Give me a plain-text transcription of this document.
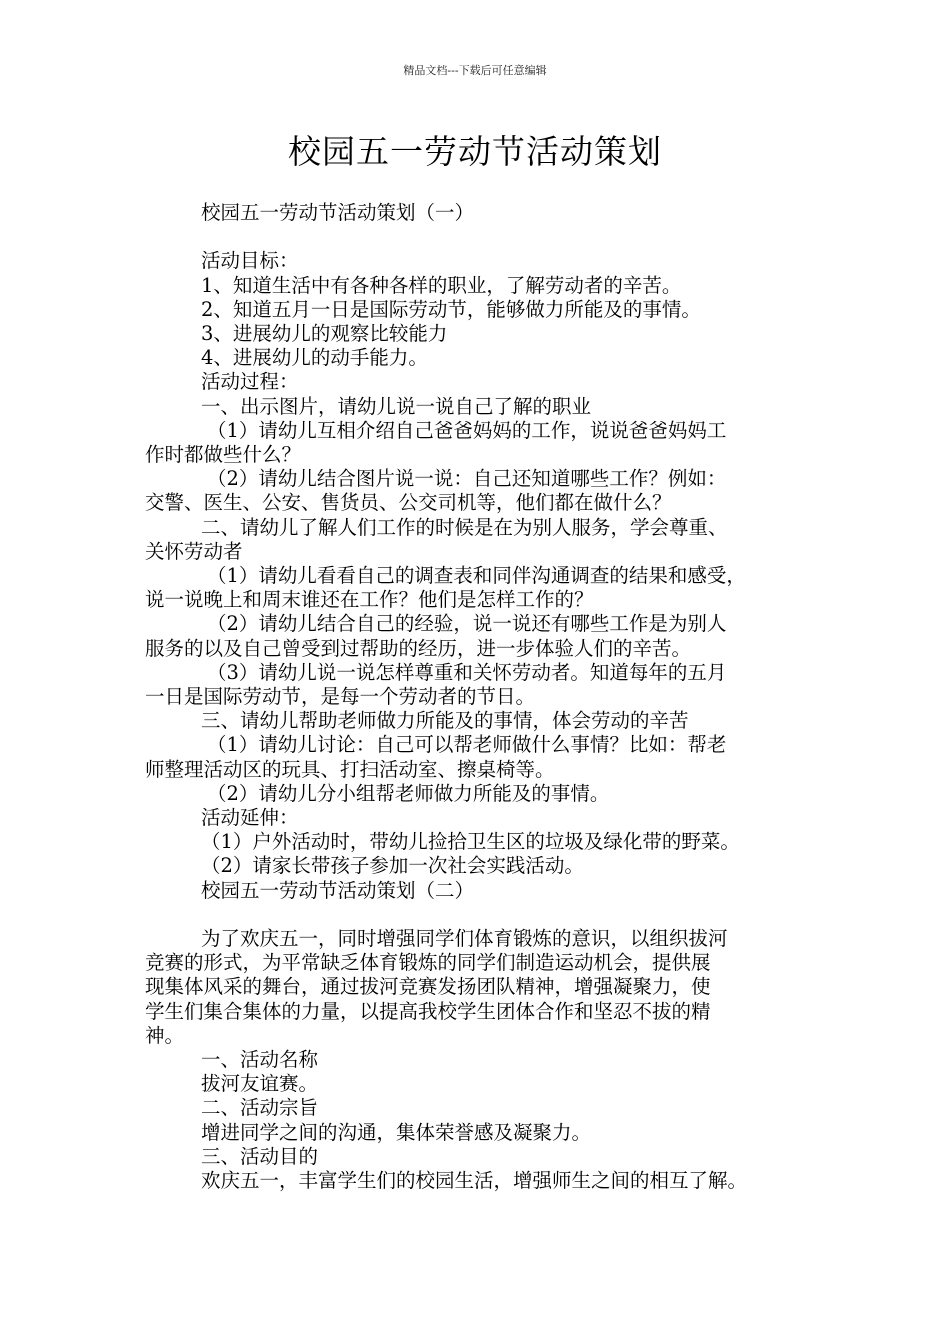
精品文档---下载后可任意编辑
校园五一劳动节活动策划

校园五一劳动节活动策划（一）

活动目标：

1、知道生活中有各种各样的职业，了解劳动者的辛苦。

2、知道五月一日是国际劳动节，能够做力所能及的事情。

3、进展幼儿的观察比较能力

4、进展幼儿的动手能力。

活动过程：

一、出示图片，请幼儿说一说自己了解的职业

（1）请幼儿互相介绍自己爸爸妈妈的工作，说说爸爸妈妈工

作时都做些什么？

（2）请幼儿结合图片说一说：自己还知道哪些工作？例如：

交警、医生、公安、售货员、公交司机等，他们都在做什么？

二、请幼儿了解人们工作的时候是在为别人服务，学会尊重、

关怀劳动者

（1）请幼儿看看自己的调查表和同伴沟通调查的结果和感受，

说一说晚上和周末谁还在工作？他们是怎样工作的？

（2）请幼儿结合自己的经验，说一说还有哪些工作是为别人

服务的以及自己曾受到过帮助的经历，进一步体验人们的辛苦。

（3）请幼儿说一说怎样尊重和关怀劳动者。知道每年的五月

一日是国际劳动节，是每一个劳动者的节日。

三、请幼儿帮助老师做力所能及的事情，体会劳动的辛苦

（1）请幼儿讨论：自己可以帮老师做什么事情？比如：帮老

师整理活动区的玩具、打扫活动室、擦桌椅等。

（2）请幼儿分小组帮老师做力所能及的事情。

活动延伸：

（1）户外活动时，带幼儿捡拾卫生区的垃圾及绿化带的野菜。

（2）请家长带孩子参加一次社会实践活动。

校园五一劳动节活动策划（二）

为了欢庆五一，同时增强同学们体育锻炼的意识，以组织拔河

竞赛的形式，为平常缺乏体育锻炼的同学们制造运动机会，提供展

现集体风采的舞台，通过拔河竞赛发扬团队精神，增强凝聚力，使

学生们集合集体的力量，以提高我校学生团体合作和坚忍不拔的精

神。

一、活动名称

拔河友谊赛。

二、活动宗旨

增进同学之间的沟通，集体荣誉感及凝聚力。

三、活动目的

欢庆五一，丰富学生们的校园生活，增强师生之间的相互了解。
